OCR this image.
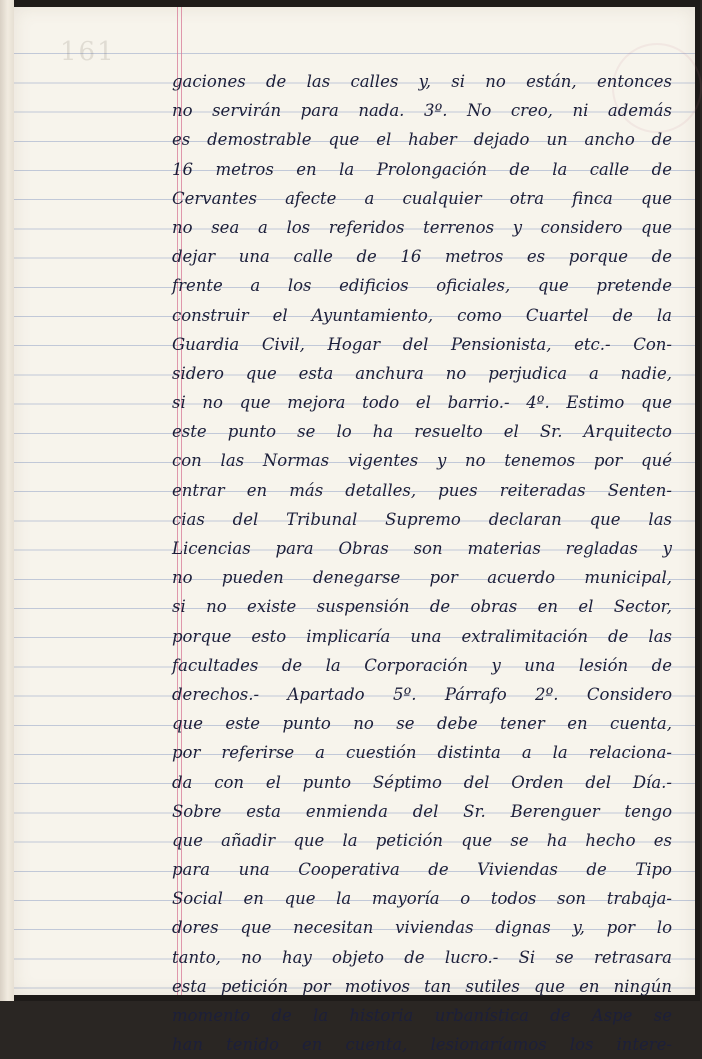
161
gaciones de las calles y, si no están, entonces
no servirán para nada. 3º. No creo, ni además
es demostrable que el haber dejado un ancho de
16 metros en la Prolongación de la calle de
Cervantes afecte a cualquier otra finca que
no sea a los referidos terrenos y considero que
dejar una calle de 16 metros es porque de
frente a los edificios oficiales, que pretende
construir el Ayuntamiento, como Cuartel de la
Guardia Civil, Hogar del Pensionista, etc.- Con-
sidero que esta anchura no perjudica a nadie,
si no que mejora todo el barrio.- 4º. Estimo que
este punto se lo ha resuelto el Sr. Arquitecto
con las Normas vigentes y no tenemos por qué
entrar en más detalles, pues reiteradas Senten-
cias del Tribunal Supremo declaran que las
Licencias para Obras son materias regladas y
no pueden denegarse por acuerdo municipal,
si no existe suspensión de obras en el Sector,
porque esto implicaría una extralimitación de las
facultades de la Corporación y una lesión de
derechos.- Apartado 5º. Párrafo 2º. Considero
que este punto no se debe tener en cuenta,
por referirse a cuestión distinta a la relaciona-
da con el punto Séptimo del Orden del Día.-
Sobre esta enmienda del Sr. Berenguer tengo
que añadir que la petición que se ha hecho es
para una Cooperativa de Viviendas de Tipo
Social en que la mayoría o todos son trabaja-
dores que necesitan viviendas dignas y, por lo
tanto, no hay objeto de lucro.- Si se retrasara
esta petición por motivos tan sutiles que en ningún
momento de la historia urbanística de Aspe se
han tenido en cuenta, lesionaríamos los intere-
